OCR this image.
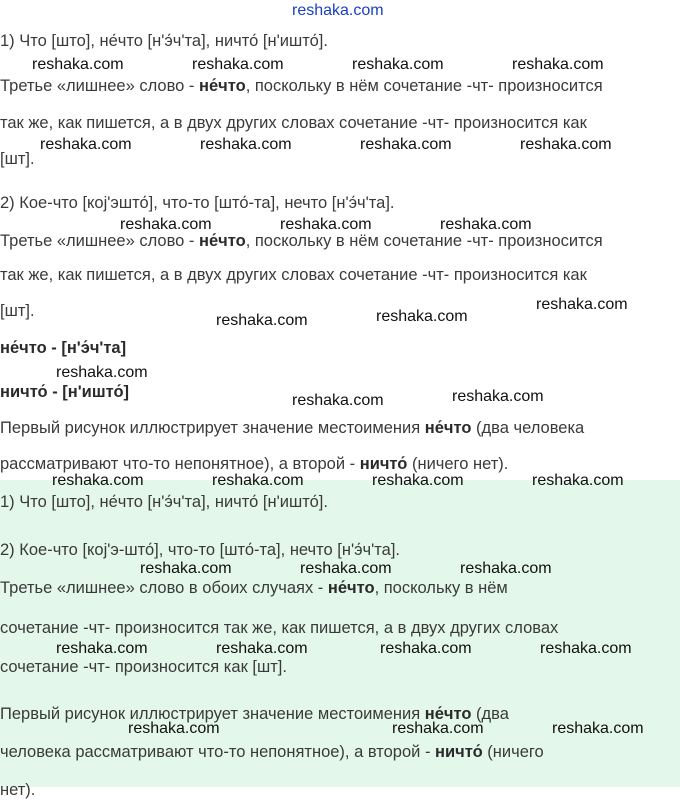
reshaka.com
1) Что [што], не́что [н'э́ч'та], ничто́ [н'ишто́].
Третье «лишнее» слово - не́что, поскольку в нём сочетание -чт- произносится
так же, как пишется, а в двух других словах сочетание -чт- произносится как
[шт].
2) Кое-что [кој'эшто́], что-то [што́-та], нечто [н'э́ч'та].
Третье «лишнее» слово - не́что, поскольку в нём сочетание -чт- произносится
так же, как пишется, а в двух других словах сочетание -чт- произносится как
[шт].
не́что - [н'э́ч'та]
ничто́ - [н'ишто́]
Первый рисунок иллюстрирует значение местоимения не́что (два человека
рассматривают что-то непонятное), а второй - ничто́ (ничего нет).
1) Что [што], не́что [н'э́ч'та], ничто́ [н'ишто́].
2) Кое-что [кој'э-што́], что-то [што́-та], нечто [н'э́ч'та].
Третье «лишнее» слово в обоих случаях - не́что, поскольку в нём
сочетание -чт- произносится так же, как пишется, а в двух других словах
сочетание -чт- произносится как [шт].
Первый рисунок иллюстрирует значение местоимения не́что (два
человека рассматривают что-то непонятное), а второй - ничто́ (ничего
нет).
reshaka.com	reshaka.com	reshaka.com	reshaka.com
reshaka.com	reshaka.com	reshaka.com	reshaka.com
reshaka.com	reshaka.com	reshaka.com
reshaka.com
reshaka.com	reshaka.com
reshaka.com
reshaka.com	reshaka.com
reshaka.com	reshaka.com	reshaka.com	reshaka.com
reshaka.com	reshaka.com	reshaka.com
reshaka.com	reshaka.com	reshaka.com	reshaka.com
reshaka.com	reshaka.com	reshaka.com
